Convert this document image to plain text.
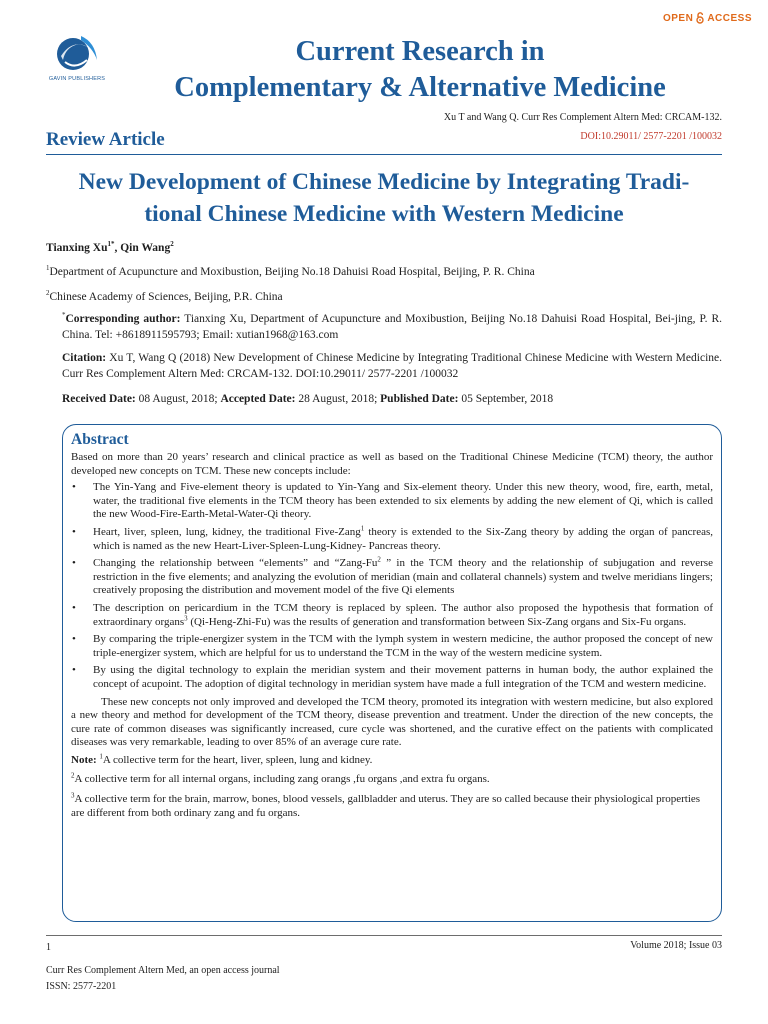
OPEN ACCESS
GAVIN PUBLISHERS
Current Research in
Complementary & Alternative Medicine
Xu T and Wang Q. Curr Res Complement Altern Med: CRCAM-132.
DOI:10.29011/ 2577-2201 /100032
Review Article
New Development of Chinese Medicine by Integrating Tradi-
tional Chinese Medicine with Western Medicine
Tianxing $Xu^{1*}$, Qin Wang$^2$
$^1$Department of Acupuncture and Moxibustion, Beijing No.18 Dahuisi Road Hospital, Beijing, P. R. China
$^2$Chinese Academy of Sciences, Beijing, P.R. China
*Corresponding author: Tianxing Xu, Department of Acupuncture and Moxibustion, Beijing No.18 Dahuisi Road Hospital, Bei-jing, P. R. China. Tel: +8618911595793; Email: xutian1968@163.com
Citation: Xu T, Wang Q (2018) New Development of Chinese Medicine by Integrating Traditional Chinese Medicine with Western Medicine. Curr Res Complement Altern Med: CRCAM-132. DOI:10.29011/ 2577-2201 /100032
Received Date: 08 August, 2018; Accepted Date: 28 August, 2018; Published Date: 05 September, 2018
Abstract

Based on more than 20 years’ research and clinical practice as well as based on the Traditional Chinese Medicine (TCM) theory, the author developed new concepts on TCM. These new concepts include:

• The Yin-Yang and Five-element theory is updated to Yin-Yang and Six-element theory. Under this new theory, wood, fire, earth, metal, water, the traditional five elements in the TCM theory has been extended to six elements by adding the new element of Qi, which is called the new Wood-Fire-Earth-Metal-Water-Qi theory.
• Heart, liver, spleen, lung, kidney, the traditional Five-Zang$^1$ theory is extended to the Six-Zang theory by adding the organ of pancreas, which is named as the new Heart-Liver-Spleen-Lung-Kidney- Pancreas theory.
• Changing the relationship between “elements” and “Zang-Fu$^2$ ” in the TCM theory and the relationship of subjugation and reverse restriction in the five elements; and analyzing the evolution of meridian (main and collateral channels) system and twelve meridians lingers; creatively proposing the distribution and movement model of the five Qi elements
• The description on pericardium in the TCM theory is replaced by spleen. The author also proposed the hypothesis that formation of extraordinary organs$^3$ (Qi-Heng-Zhi-Fu) was the results of generation and transformation between Six-Zang organs and Six-Fu organs.
• By comparing the triple-energizer system in the TCM with the lymph system in western medicine, the author proposed the concept of new triple-energizer system, which are helpful for us to understand the TCM in the way of the western medicine system.
• By using the digital technology to explain the meridian system and their movement patterns in human body, the author explained the concept of acupoint. The adoption of digital technology in meridian system have made a full integration of the TCM and western medicine.

These new concepts not only improved and developed the TCM theory, promoted its integration with western medicine, but also explored a new theory and method for development of the TCM theory, disease prevention and treatment. Under the direction of the new concepts, the cure rate of common diseases was significantly increased, cure cycle was shortened, and the curative effect on the patients with complicated diseases was very remarkable, leading to over 85% of an average cure rate.

Note: $^1$A collective term for the heart, liver, spleen, lung and kidney.

$^2$A collective term for all internal organs, including zang orangs ,fu organs ,and extra fu organs.

$^3$A collective term for the brain, marrow, bones, blood vessels, gallbladder and uterus. They are so called because their physiological properties are different from both ordinary zang and fu organs.

1	Volume 2018; Issue 03
Curr Res Complement Altern Med, an open access journal
ISSN: 2577-2201
